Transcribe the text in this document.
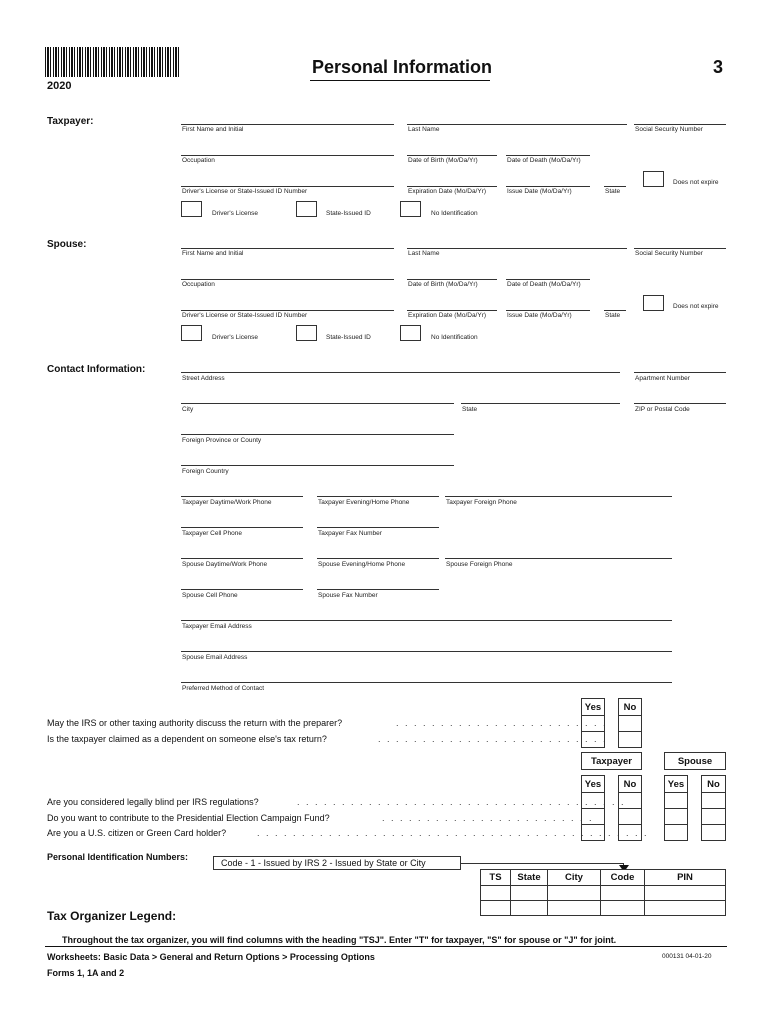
2020
Personal Information	3
Taxpayer:
First Name and Initial	Last Name	Social Security Number
Occupation	Date of Birth (Mo/Da/Yr)	Date of Death (Mo/Da/Yr)
Driver's License or State-Issued ID Number	Expiration Date (Mo/Da/Yr)	Issue Date (Mo/Da/Yr)	State
Does not expire
Driver's License	State-Issued ID	No Identification
Spouse:
First Name and Initial	Last Name	Social Security Number
Occupation	Date of Birth (Mo/Da/Yr)	Date of Death (Mo/Da/Yr)
Driver's License or State-Issued ID Number	Expiration Date (Mo/Da/Yr)	Issue Date (Mo/Da/Yr)	State
Does not expire
Driver's License	State-Issued ID	No Identification
Contact Information:
Street Address	Apartment Number
City	State	ZIP or Postal Code
Foreign Province or County
Foreign Country
Taxpayer Daytime/Work Phone	Taxpayer Evening/Home Phone	Taxpayer Foreign Phone
Taxpayer Cell Phone	Taxpayer Fax Number
Spouse Daytime/Work Phone	Spouse Evening/Home Phone	Spouse Foreign Phone
Spouse Cell Phone	Spouse Fax Number
Taxpayer Email Address
Spouse Email Address
Preferred Method of Contact
Yes	No
May the IRS or other taxing authority discuss the return with the preparer?	. . . . . . . . . . . . . . . . . . . . . . . .
Is the taxpayer claimed as a dependent on someone else's tax return?	. . . . . . . . . . . . . . . . . . . . . . . . . .
Taxpayer	Spouse
Yes	No	Yes	No
Are you considered legally blind per IRS regulations?	. . . . . . . . . . . . . . . . . . . . . . . . . . . . . . . . . . . . .
Do you want to contribute to the Presidential Election Campaign Fund?	. . . . . . . . . . . . . . . . . . . . . . . .
Are you a U.S. citizen or Green Card holder?	. . . . . . . . . . . . . . . . . . . . . . . . . . . . . . . . . . . . . . . . . . . .
Personal Identification Numbers:
Code - 1 - Issued by IRS 2 - Issued by State or City
TS	State	City	Code	PIN
Tax Organizer Legend:
Throughout the tax organizer, you will find columns with the heading "TSJ". Enter "T" for taxpayer, "S" for spouse or "J" for joint.
Worksheets: Basic Data > General and Return Options > Processing Options
Forms 1, 1A and 2
000131 04-01-20
